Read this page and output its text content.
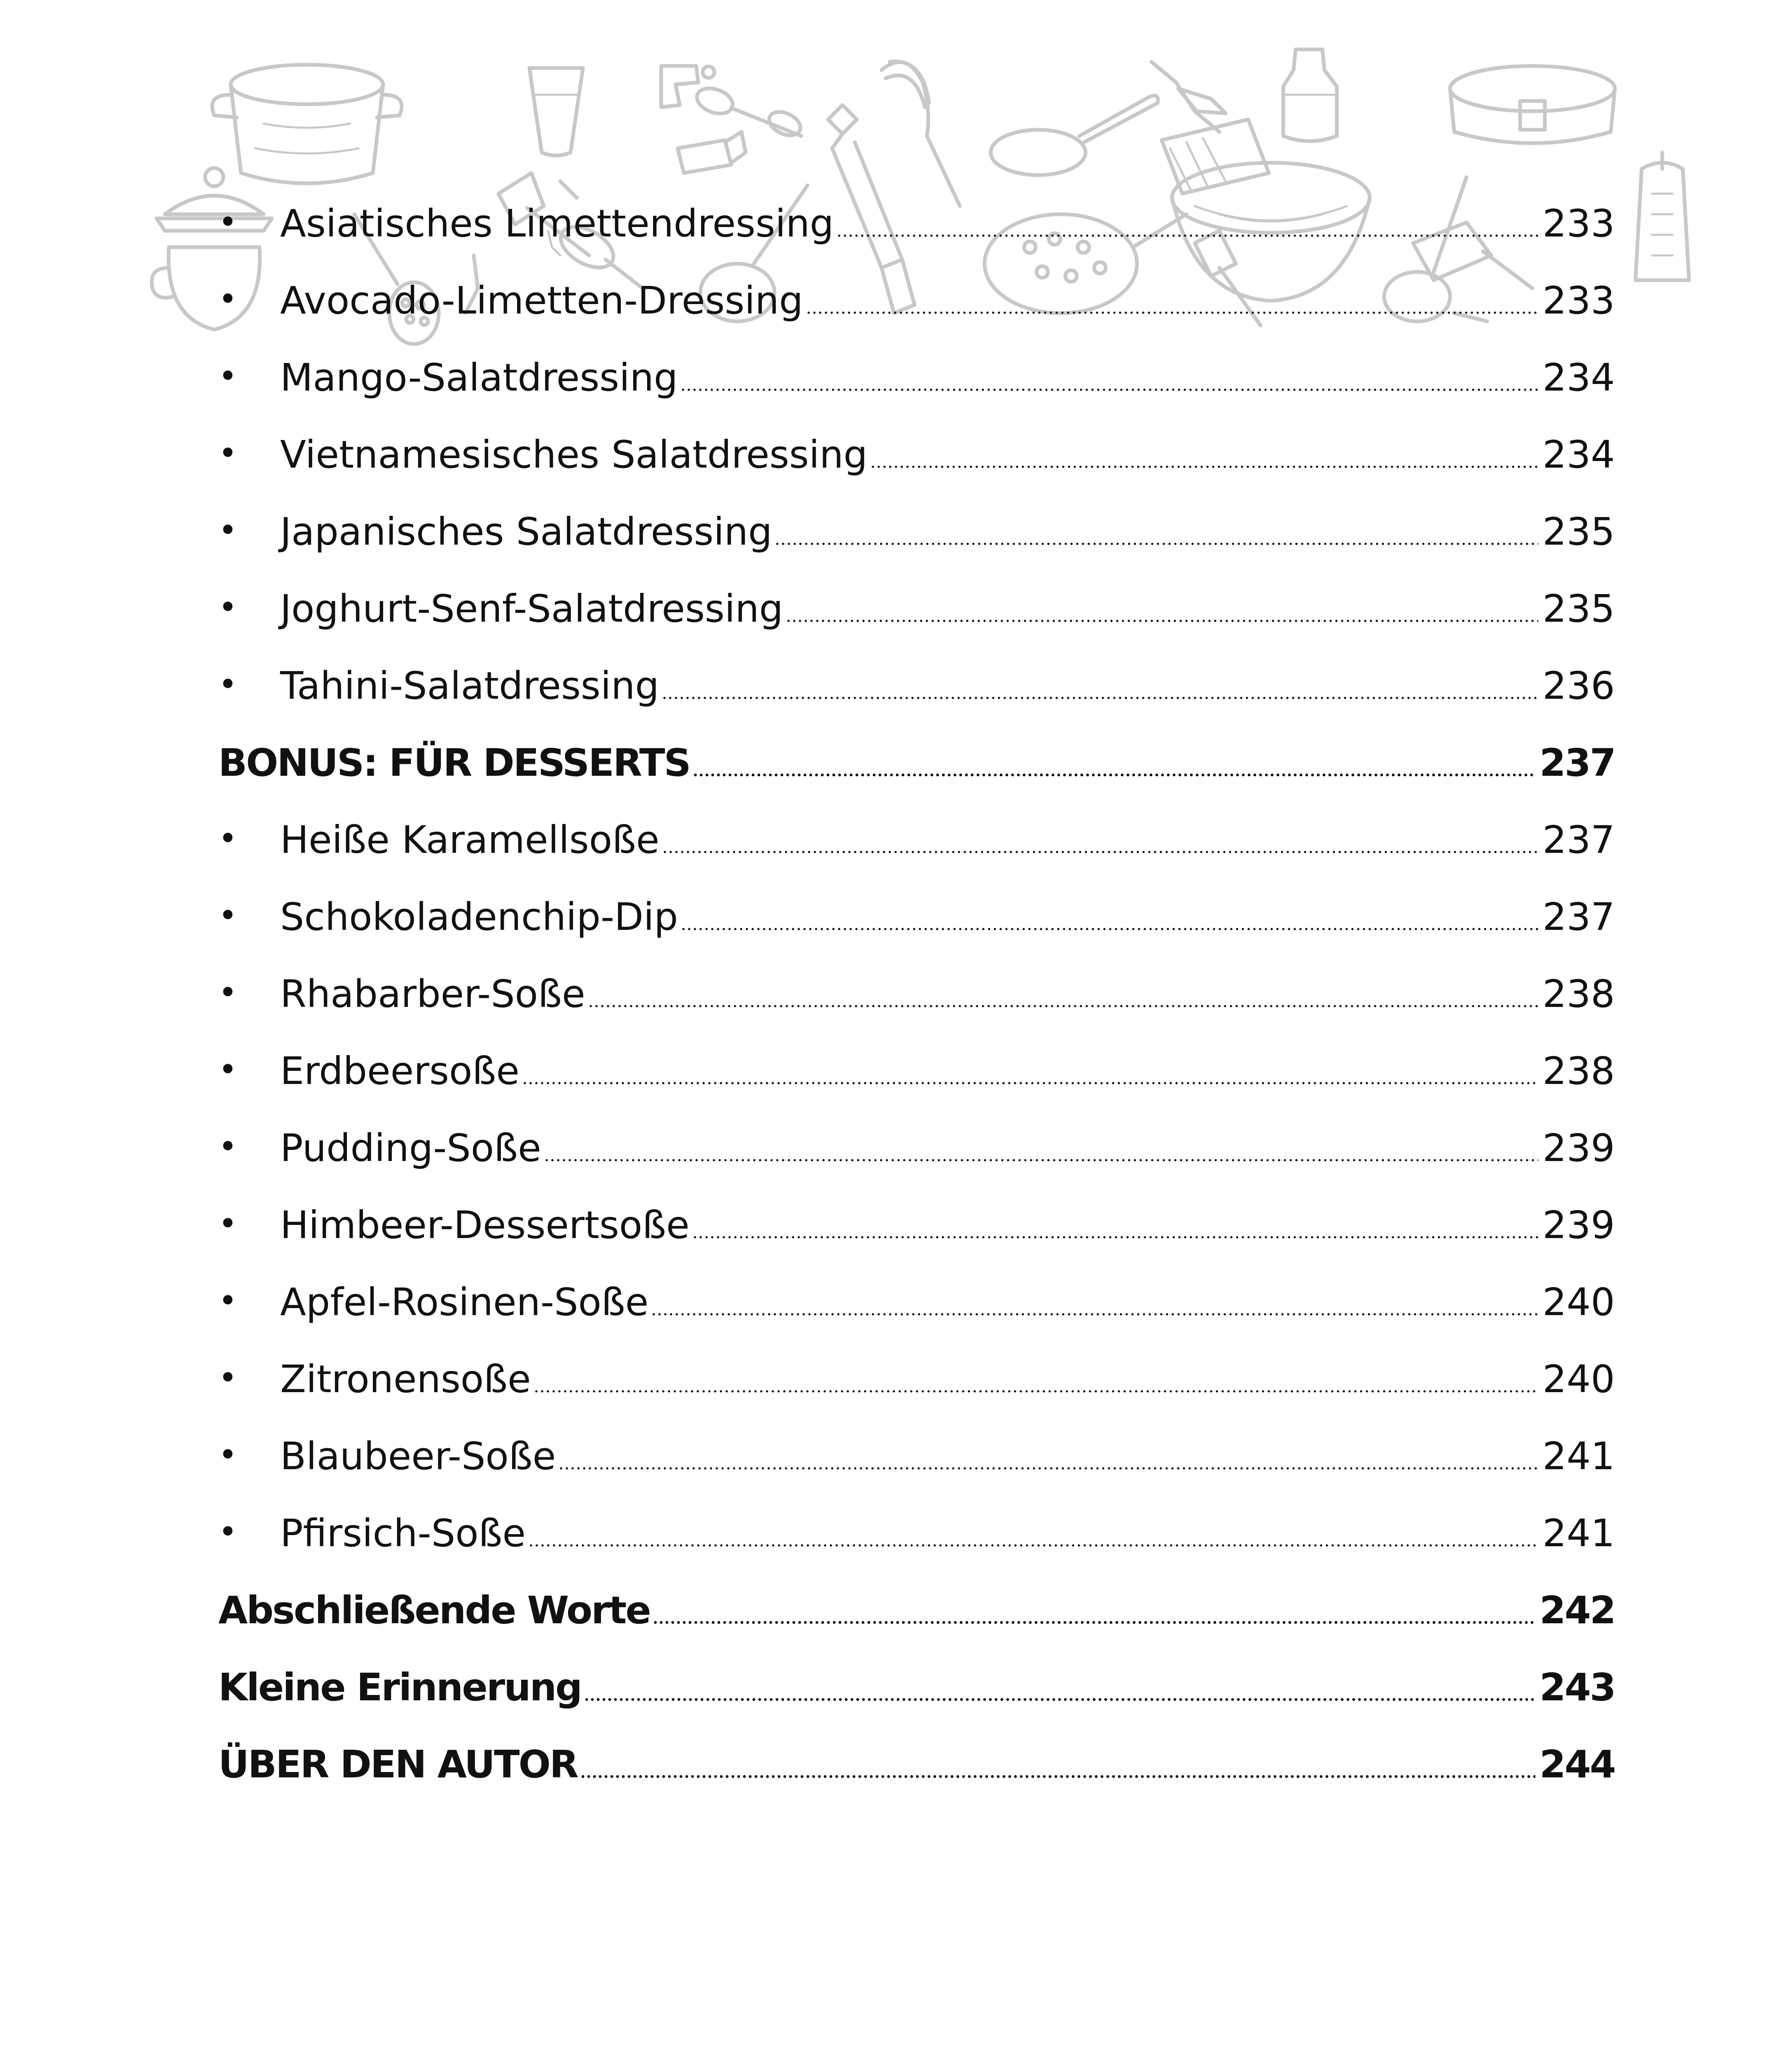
•	Asiatisches Limettendressing	233
•	Avocado-Limetten-Dressing	233
•	Mango-Salatdressing	234
•	Vietnamesisches Salatdressing	234
•	Japanisches Salatdressing	235
•	Joghurt-Senf-Salatdressing	235
•	Tahini-Salatdressing	236
BONUS: FÜR DESSERTS	237
•	Heiße Karamellsoße	237
•	Schokoladenchip-Dip	237
•	Rhabarber-Soße	238
•	Erdbeersoße	238
•	Pudding-Soße	239
•	Himbeer-Dessertsoße	239
•	Apfel-Rosinen-Soße	240
•	Zitronensoße	240
•	Blaubeer-Soße	241
•	Pfirsich-Soße	241
Abschließende Worte	242
Kleine Erinnerung	243
ÜBER DEN AUTOR	244
